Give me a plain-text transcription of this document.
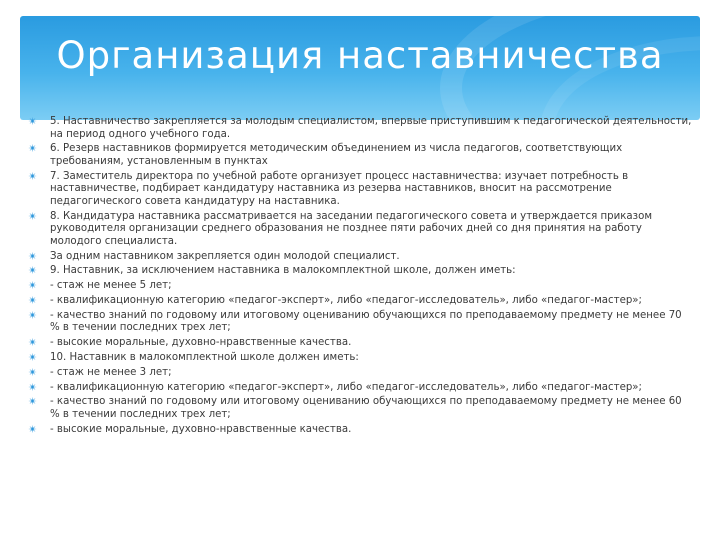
Организация наставничества
✴ 5. Наставничество закрепляется за молодым специалистом, впервые приступившим к педагогической деятельности, на период одного учебного года.
✴ 6. Резерв наставников формируется методическим объединением из числа педагогов, соответствующих требованиям, установленным в пунктах
✴ 7. Заместитель директора по учебной работе организует процесс наставничества: изучает потребность в наставничестве, подбирает кандидатуру наставника из резерва наставников, вносит на рассмотрение педагогического совета кандидатуру на наставника.
✴ 8. Кандидатура наставника рассматривается на заседании педагогического совета и утверждается приказом руководителя организации среднего образования не позднее пяти рабочих дней со дня принятия на работу молодого специалиста.
✴ За одним наставником закрепляется один молодой специалист.
✴ 9. Наставник, за исключением наставника в малокомплектной школе, должен иметь:
✴ - стаж не менее 5 лет;
✴ - квалификационную категорию «педагог-эксперт», либо «педагог-исследователь», либо «педагог-мастер»;
✴ - качество знаний по годовому или итоговому оцениванию обучающихся по преподаваемому предмету не менее 70 % в течении последних трех лет;
✴ - высокие моральные, духовно-нравственные качества.
✴ 10. Наставник в малокомплектной школе должен иметь:
✴ - стаж не менее 3 лет;
✴ - квалификационную категорию «педагог-эксперт», либо «педагог-исследователь», либо «педагог-мастер»;
✴ - качество знаний по годовому или итоговому оцениванию обучающихся по преподаваемому предмету не менее 60 % в течении последних трех лет;
✴ - высокие моральные, духовно-нравственные качества.
